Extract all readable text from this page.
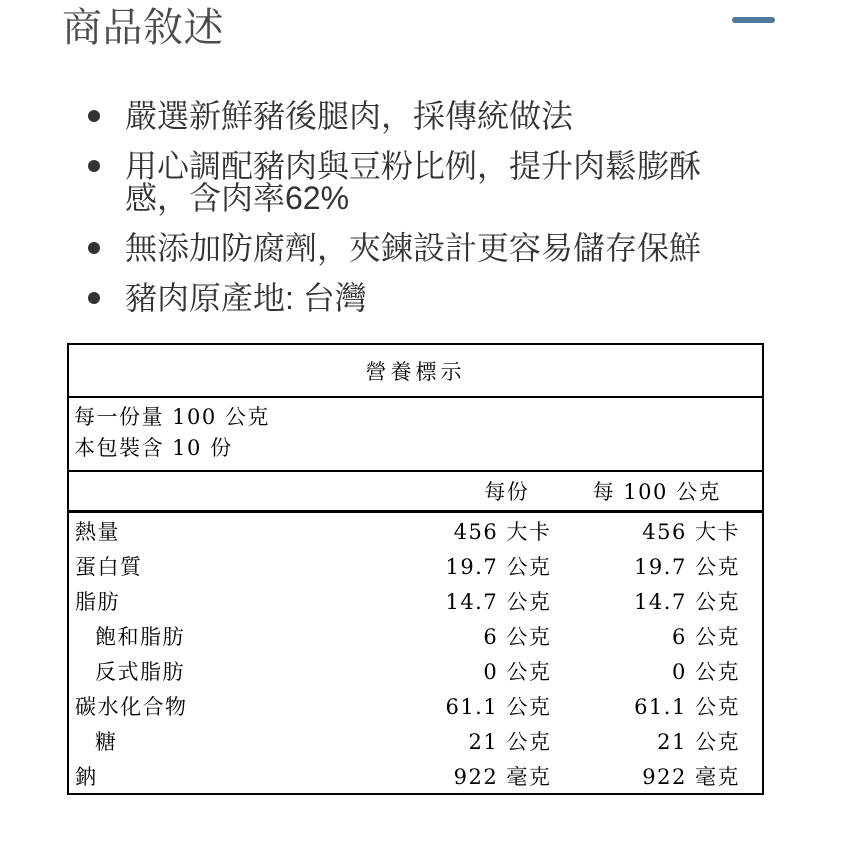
商品敘述
嚴選新鮮豬後腿肉，採傳統做法
用心調配豬肉與豆粉比例，提升肉鬆膨酥感，含肉率62%
無添加防腐劑，夾鍊設計更容易儲存保鮮
豬肉原產地: 台灣
營養標示		

每一份量 100 公克
本包裝含 10 份		

	每份	每 100 公克
熱量	456 大卡	456 大卡
蛋白質	19.7 公克	19.7 公克
脂肪	14.7 公克	14.7 公克
飽和脂肪	6 公克	6 公克
反式脂肪	0 公克	0 公克
碳水化合物	61.1 公克	61.1 公克
糖	21 公克	21 公克
鈉	922 毫克	922 毫克
